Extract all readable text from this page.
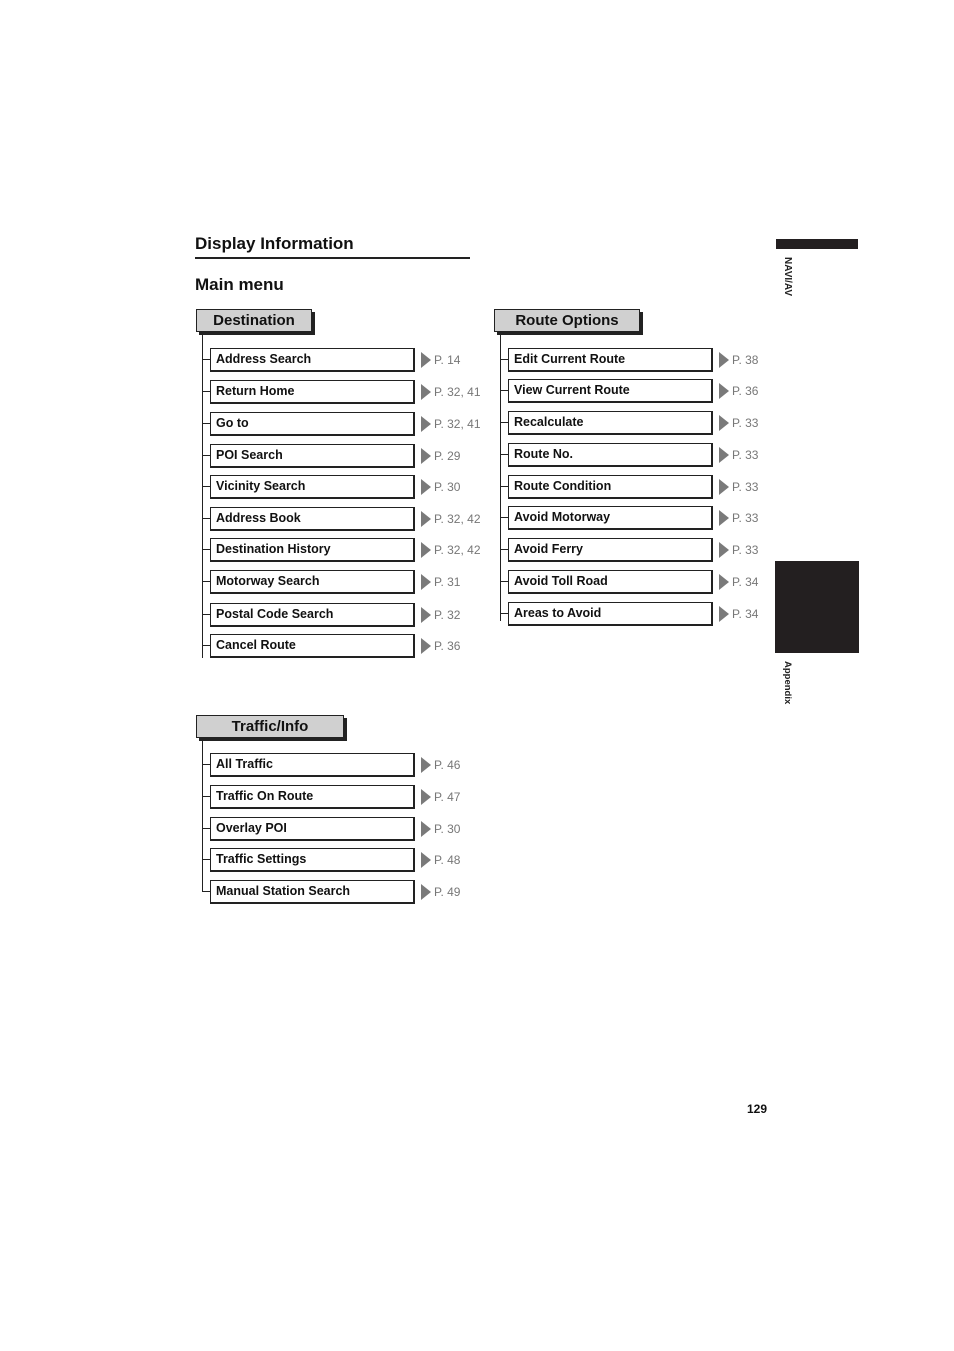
Display Information
Main menu
Destination
Address Search	P. 14
Return Home	P. 32, 41
Go to	P. 32, 41
POI Search	P. 29
Vicinity Search	P. 30
Address Book	P. 32, 42
Destination History	P. 32, 42
Motorway Search	P. 31
Postal Code Search	P. 32
Cancel Route	P. 36
Route Options
Edit Current Route	P. 38
View Current Route	P. 36
Recalculate	P. 33
Route No.	P. 33
Route Condition	P. 33
Avoid Motorway	P. 33
Avoid Ferry	P. 33
Avoid Toll Road	P. 34
Areas to Avoid	P. 34
Traffic/Info
All Traffic	P. 46
Traffic On Route	P. 47
Overlay POI	P. 30
Traffic Settings	P. 48
Manual Station Search	P. 49
NAVI/AV
Appendix
129
